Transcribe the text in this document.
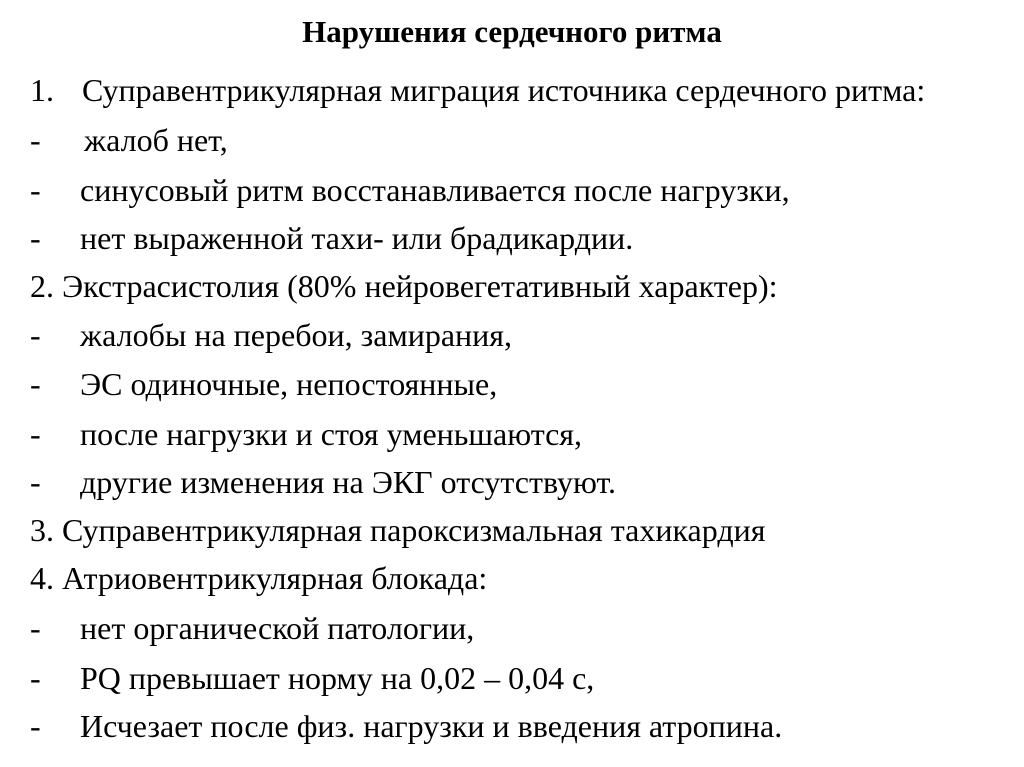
Нарушения сердечного ритма
1. Суправентрикулярная миграция источника сердечного ритма:
- жалоб нет,
- синусовый ритм восстанавливается после нагрузки,
- нет выраженной тахи- или брадикардии.
2. Экстрасистолия (80% нейровегетативный характер):
- жалобы на перебои, замирания,
- ЭС одиночные, непостоянные,
- после нагрузки и стоя уменьшаются,
- другие изменения на ЭКГ отсутствуют.
3. Суправентрикулярная пароксизмальная тахикардия
4. Атриовентрикулярная блокада:
- нет органической патологии,
- PQ превышает норму на 0,02 – 0,04 с,
- Исчезает после физ. нагрузки и введения атропина.
